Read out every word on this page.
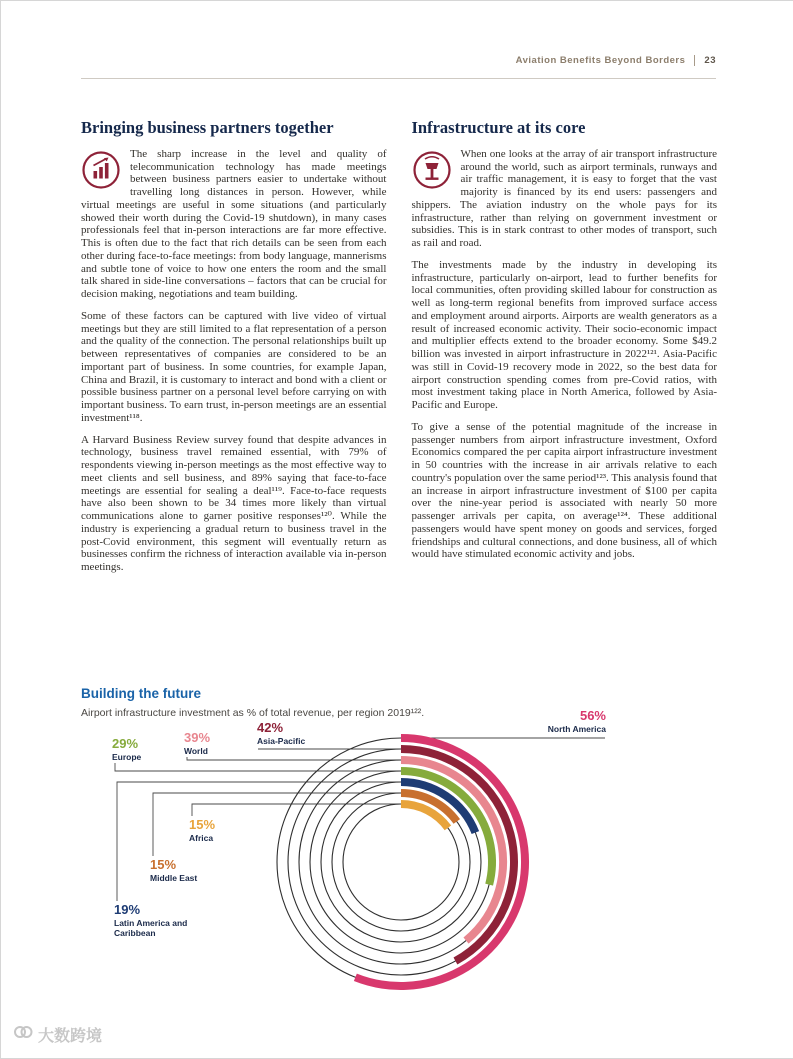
Aviation Benefits Beyond Borders	23
Bringing business partners together

The sharp increase in the level and quality of telecommunication technology has made meetings between business partners easier to undertake without travelling long distances in person. However, while virtual meetings are useful in some situations (and particularly showed their worth during the Covid-19 shutdown), in many cases professionals feel that in-person interactions are far more effective. This is often due to the fact that rich details can be seen from each other during face-to-face meetings: from body language, mannerisms and subtle tone of voice to how one enters the room and the small talk shared in side-line conversations – factors that can be crucial for decision making, negotiations and team building.

Some of these factors can be captured with live video of virtual meetings but they are still limited to a flat representation of a person and the quality of the connection. The personal relationships built up between representatives of companies are considered to be an important part of business. In some countries, for example Japan, China and Brazil, it is customary to interact and bond with a client or possible business partner on a personal level before carrying on with important business. To earn trust, in-person meetings are an essential investment¹¹⁸.

A Harvard Business Review survey found that despite advances in technology, business travel remained essential, with 79% of respondents viewing in-person meetings as the most effective way to meet clients and sell business, and 89% saying that face-to-face meetings are essential for sealing a deal¹¹⁹. Face-to-face requests have also been shown to be 34 times more likely than virtual communications alone to garner positive responses¹²⁰. While the industry is experiencing a gradual return to business travel in the post-Covid environment, this segment will eventually return as businesses confirm the richness of interaction available via in-person meetings.

Infrastructure at its core

When one looks at the array of air transport infrastructure around the world, such as airport terminals, runways and air traffic management, it is easy to forget that the vast majority is financed by its end users: passengers and shippers. The aviation industry on the whole pays for its infrastructure, rather than relying on government investment or subsidies. This is in stark contrast to other modes of transport, such as rail and road.

The investments made by the industry in developing its infrastructure, particularly on-airport, lead to further benefits for local communities, often providing skilled labour for construction as well as long-term regional benefits from improved surface access and employment around airports. Airports are wealth generators as a result of increased economic activity. Their socio-economic impact and multiplier effects extend to the broader economy. Some $49.2 billion was invested in airport infrastructure in 2022¹²¹. Asia-Pacific was still in Covid-19 recovery mode in 2022, so the best data for airport construction spending comes from pre-Covid ratios, with most investment taking place in North America, followed by Asia-Pacific and Europe.

To give a sense of the potential magnitude of the increase in passenger numbers from airport infrastructure investment, Oxford Economics compared the per capita airport infrastructure investment in 50 countries with the increase in air arrivals relative to each country's population over the same period¹²³. This analysis found that an increase in airport infrastructure investment of $100 per capita over the nine-year period is associated with nearly 50 more passenger arrivals per capita, on average¹²⁴. These additional passengers would have spent money on goods and services, forged friendships and cultural connections, and done business, all of which would have stimulated economic activity and jobs.

Building the future

Airport infrastructure investment as % of total revenue, per region 2019¹²².	56%
North America
42%
Asia-Pacific
39%
World
29%
Europe
19%
Latin America and Caribbean
15%
Middle East
15%
Africa
大数跨境
